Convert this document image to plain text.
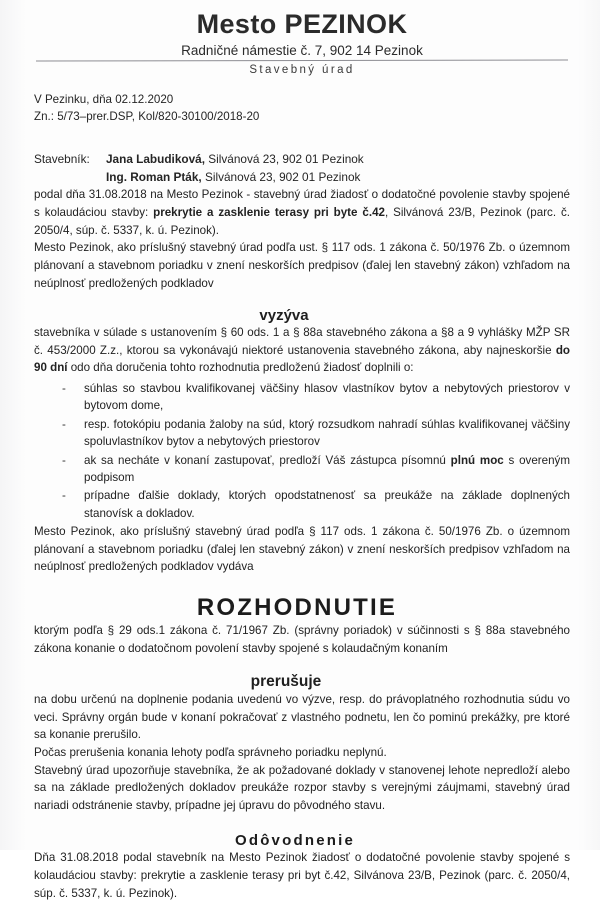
Mesto PEZINOK
Radničné námestie č. 7, 902 14 Pezinok
Stavebný úrad
V Pezinku, dňa 02.12.2020
Zn.: 5/73–prer.DSP, Kol/820-30100/2018-20
Stavebník:	Jana Labudiková, Silvánová 23, 902 01 Pezinok
Ing. Roman Pták, Silvánová 23, 902 01 Pezinok

podal dňa 31.08.2018 na Mesto Pezinok - stavebný úrad žiadosť o dodatočné povolenie stavby spojené s kolaudáciou stavby: prekrytie a zasklenie terasy pri byte č.42, Silvánová 23/B, Pezinok (parc. č. 2050/4, súp. č. 5337, k. ú. Pezinok).

Mesto Pezinok, ako príslušný stavebný úrad podľa ust. § 117 ods. 1 zákona č. 50/1976 Zb. o územnom plánovaní a stavebnom poriadku v znení neskorších predpisov (ďalej len stavebný zákon) vzhľadom na neúplnosť predložených podkladov

vyzýva

stavebníka v súlade s ustanovením § 60 ods. 1 a § 88a stavebného zákona a §8 a 9 vyhlášky MŽP SR č. 453/2000 Z.z., ktorou sa vykonávajú niektoré ustanovenia stavebného zákona, aby najneskoršie do 90 dní odo dňa doručenia tohto rozhodnutia predloženú žiadosť doplnili o:

- súhlas so stavbou kvalifikovanej väčšiny hlasov vlastníkov bytov a nebytových priestorov v bytovom dome,
- resp. fotokópiu podania žaloby na súd, ktorý rozsudkom nahradí súhlas kvalifikovanej väčšiny spoluvlastníkov bytov a nebytových priestorov
- ak sa necháte v konaní zastupovať, predloží Váš zástupca písomnú plnú moc s overeným podpisom
- prípadne ďalšie doklady, ktorých opodstatnenosť sa preukáže na základe doplnených stanovísk a dokladov.

Mesto Pezinok, ako príslušný stavebný úrad podľa § 117 ods. 1 zákona č. 50/1976 Zb. o územnom plánovaní a stavebnom poriadku (ďalej len stavebný zákon) v znení neskorších predpisov vzhľadom na neúplnosť predložených podkladov vydáva

ROZHODNUTIE

ktorým podľa § 29 ods.1 zákona č. 71/1967 Zb. (správny poriadok) v súčinnosti s § 88a stavebného zákona konanie o dodatočnom povolení stavby spojené s kolaudačným konaním

prerušuje

na dobu určenú na doplnenie podania uvedenú vo výzve, resp. do právoplatného rozhodnutia súdu vo veci. Správny orgán bude v konaní pokračovať z vlastného podnetu, len čo pominú prekážky, pre ktoré sa konanie prerušilo.

Počas prerušenia konania lehoty podľa správneho poriadku neplynú.

Stavebný úrad upozorňuje stavebníka, že ak požadované doklady v stanovenej lehote nepredloží alebo sa na základe predložených dokladov preukáže rozpor stavby s verejnými záujmami, stavebný úrad nariadi odstránenie stavby, prípadne jej úpravu do pôvodného stavu.

Odôvodnenie

Dňa 31.08.2018 podal stavebník na Mesto Pezinok žiadosť o dodatočné povolenie stavby spojené s kolaudáciou stavby: prekrytie a zasklenie terasy pri byt č.42, Silvánova 23/B, Pezinok (parc. č. 2050/4, súp. č. 5337, k. ú. Pezinok).
